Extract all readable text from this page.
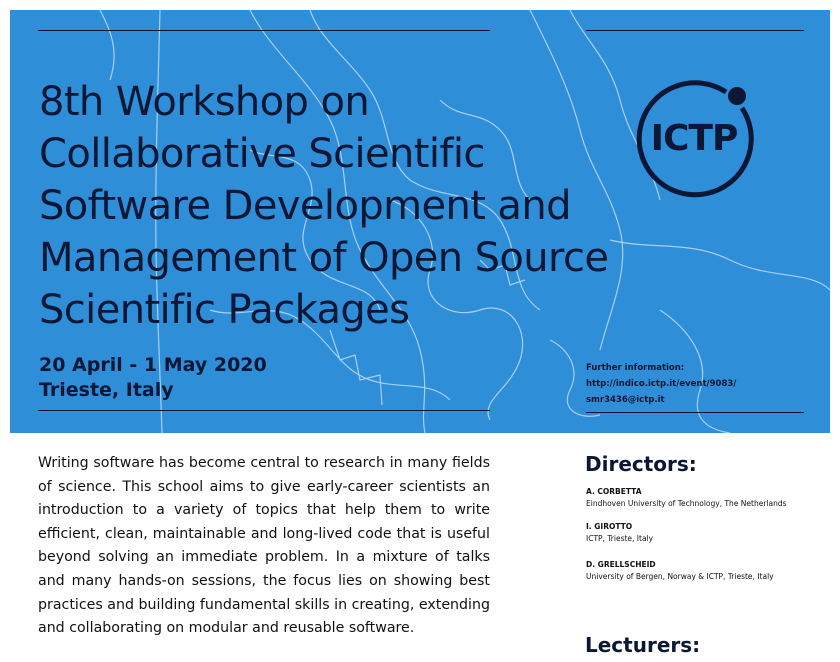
8th Workshop on
Collaborative Scientific
Software Development and
Management of Open Source
Scientific Packages
ICTP
20 April - 1 May 2020
Trieste, Italy
Further information:
http://indico.ictp.it/event/9083/
smr3436@ictp.it

Writing software has become central to research in many fields of science. This school aims to give early-career scientists an introduction to a variety of topics that help them to write efficient, clean, maintainable and long-lived code that is useful beyond solving an immediate problem. In a mixture of talks and many hands-on sessions, the focus lies on showing best practices and building fundamental skills in creating, extending and collaborating on modular and reusable software.

Directors:
A. CORBETTA
Eindhoven University of Technology, The Netherlands
I. GIROTTO
ICTP, Trieste, Italy
D. GRELLSCHEID
University of Bergen, Norway & ICTP, Trieste, Italy
Lecturers:
